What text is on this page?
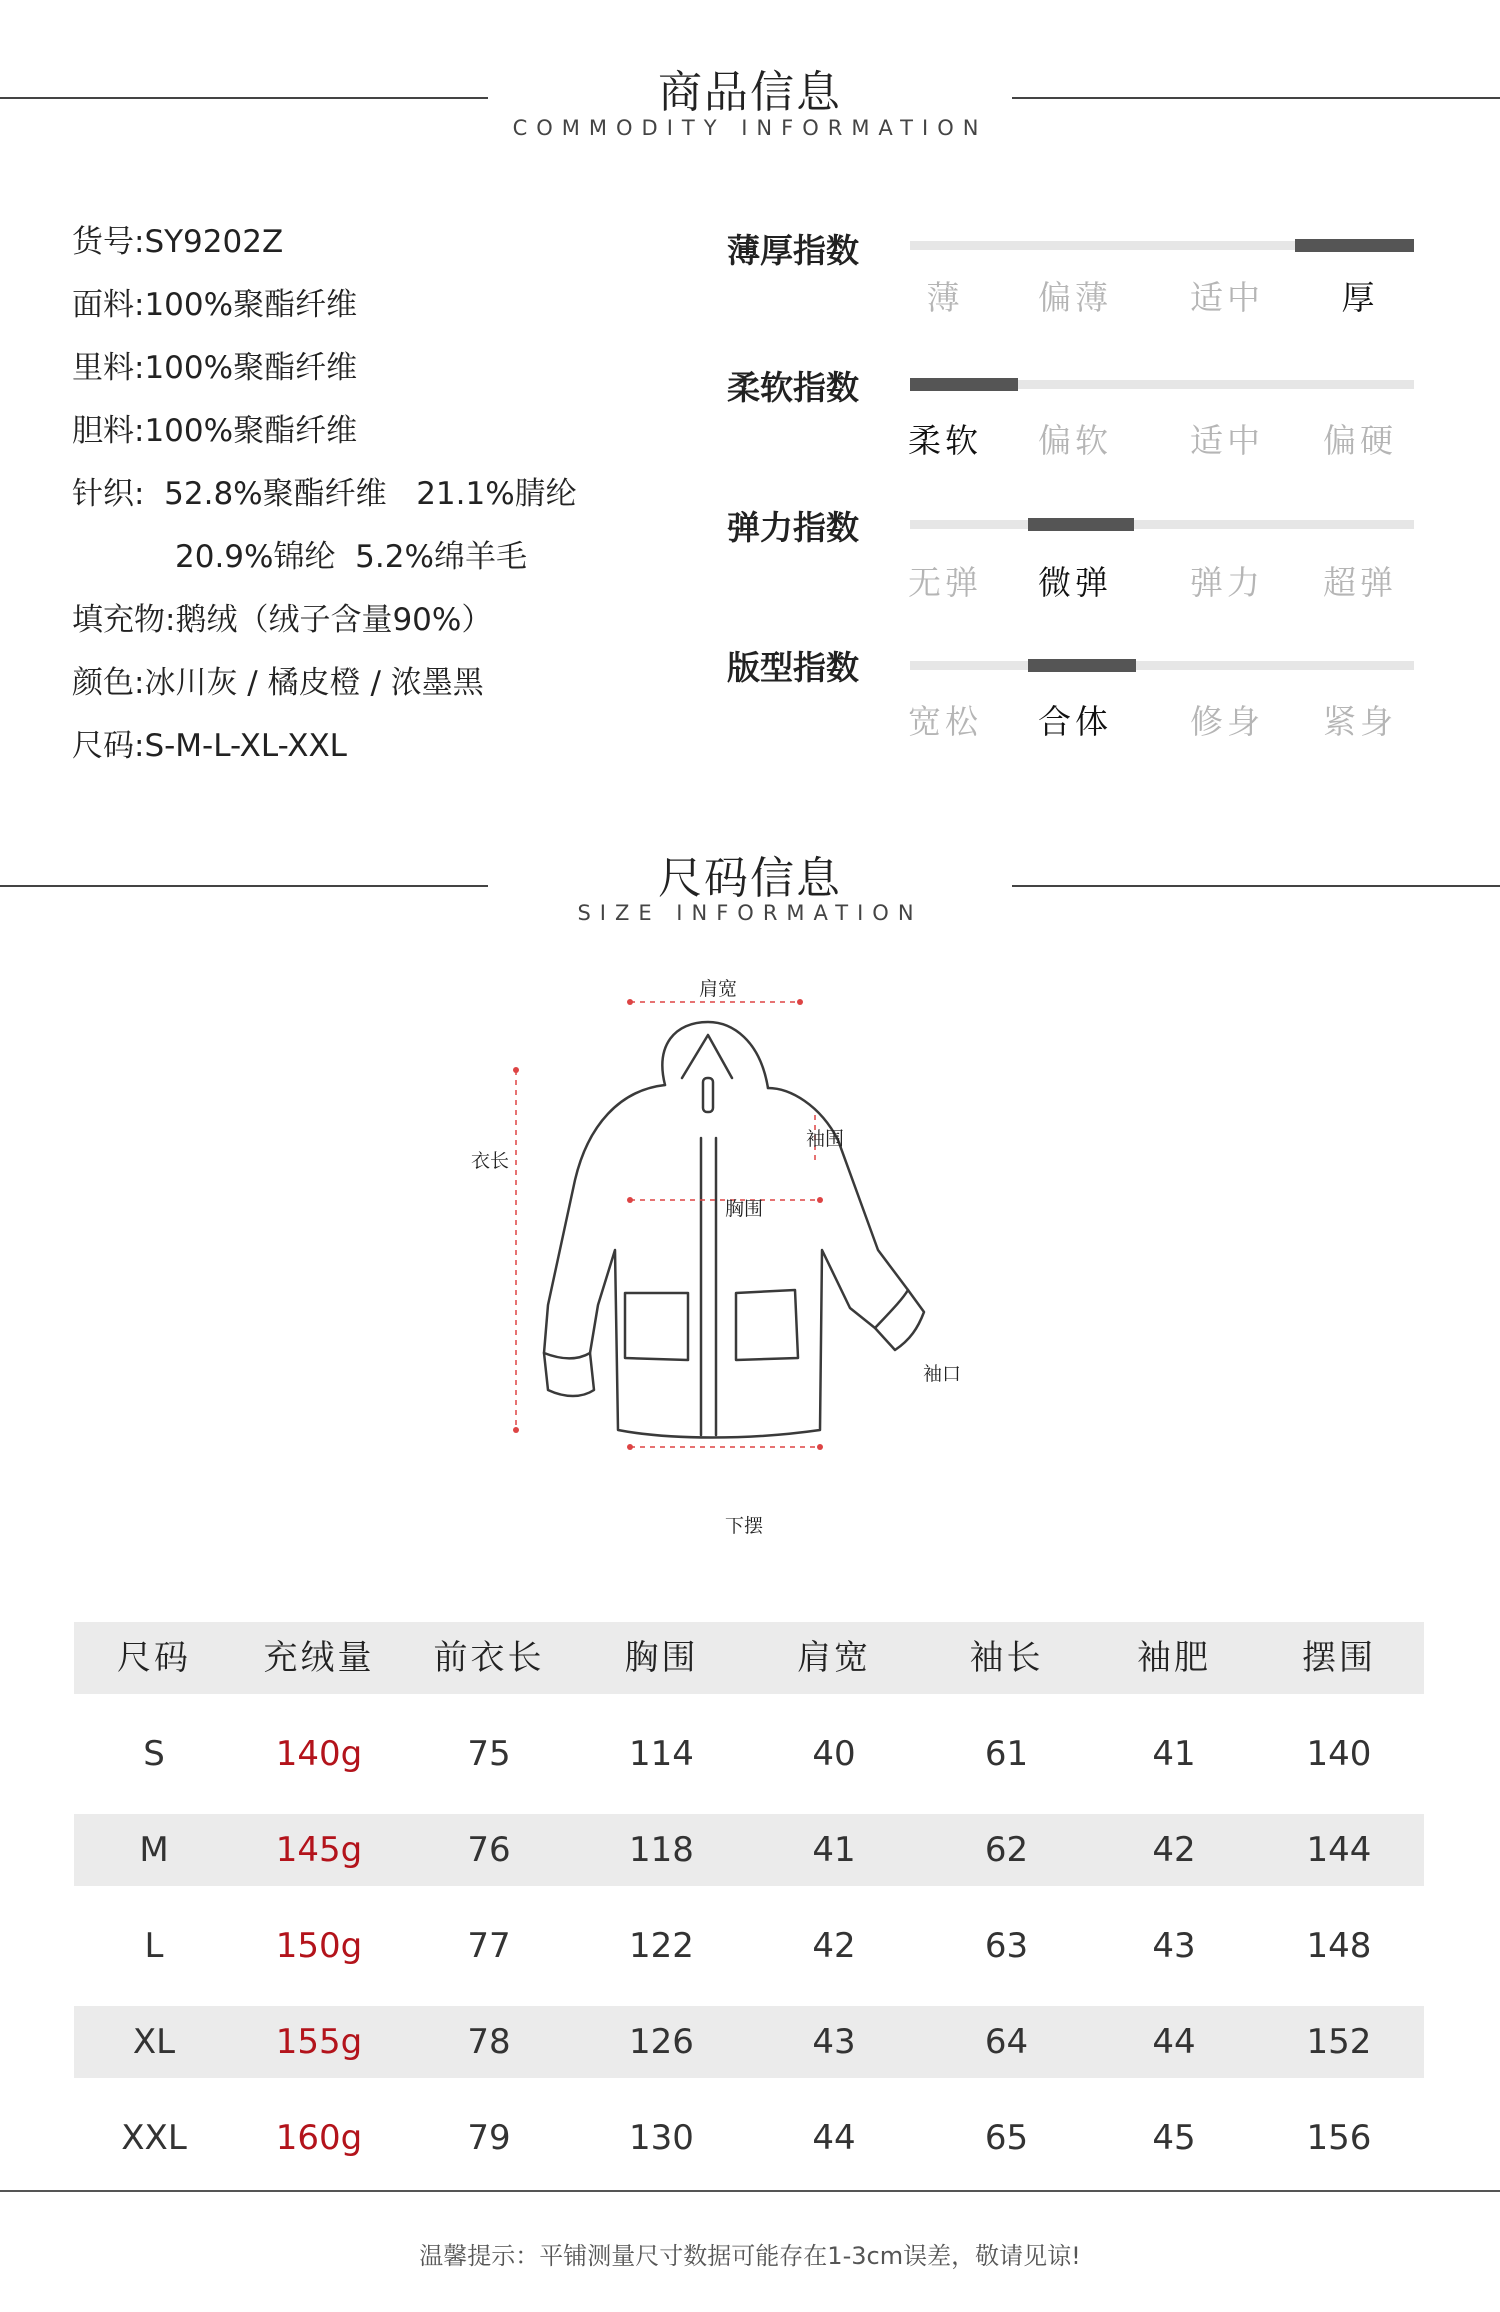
商品信息
COMMODITY INFORMATION
货号:SY9202Z
面料:100%聚酯纤维
里料:100%聚酯纤维
胆料:100%聚酯纤维
针织:  52.8%聚酯纤维   21.1%腈纶
20.9%锦纶  5.2%绵羊毛
填充物:鹅绒（绒子含量90%）
颜色:冰川灰 / 橘皮橙 / 浓墨黑
尺码:S-M-L-XL-XXL
薄厚指数
薄	偏薄	适中	厚
柔软指数
柔软	偏软	适中	偏硬
弹力指数
无弹	微弹	弹力	超弹
版型指数
宽松	合体	修身	紧身
尺码信息
SIZE INFORMATION
肩宽
衣长
袖围
胸围
袖口
下摆
尺码	充绒量	前衣长	胸围	肩宽	袖长	袖肥	摆围
S	140g	75	114	40	61	41	140
M	145g	76	118	41	62	42	144
L	150g	77	122	42	63	43	148
XL	155g	78	126	43	64	44	152
XXL	160g	79	130	44	65	45	156
温馨提示：平铺测量尺寸数据可能存在1-3cm误差，敬请见谅!
